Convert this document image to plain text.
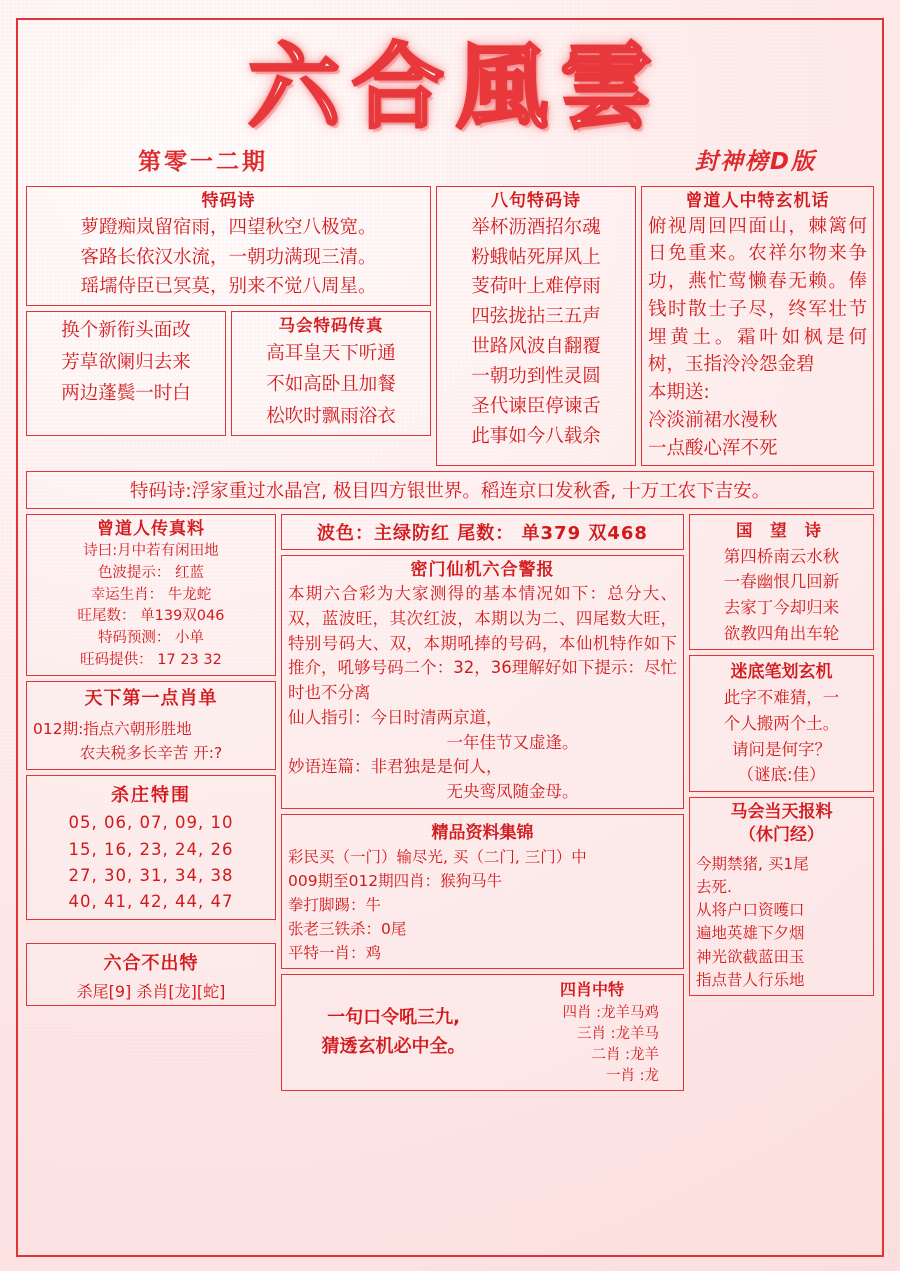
六合風雲
第零一二期	封神榜D版
特码诗
萝蹬痴岚留宿雨，四望秋空八极宽。
客路长依汉水流，一朝功满现三清。
瑶壖侍臣已冥莫，别来不觉八周星。
换个新衔头面改
芳草欲阑归去来
两边蓬鬓一时白
马会特码传真
高耳皇天下听通
不如高卧且加餐
松吹时飘雨浴衣
八句特码诗
举杯沥酒招尔魂
粉蛾帖死屏风上
芰荷叶上难停雨
四弦拢拈三五声
世路风波自翻覆
一朝功到性灵圆
圣代谏臣停谏舌
此事如今八载余
曾道人中特玄机话
俯视周回四面山，棘篱何日免重来。农祥尔物来争功，燕忙莺懒春无赖。俸钱时散士子尽，终军壮节埋黄土。霜叶如枫是何树，玉指泠泠怨金碧
本期送:
冷淡湔裙水漫秋
一点酸心浑不死
特码诗:浮家重过水晶宫, 极目四方银世界。稻连京口发秋香, 十万工农下吉安。
曾道人传真料
诗曰:月中若有闲田地
色波提示： 红蓝
幸运生肖： 牛龙蛇
旺尾数： 单139双046
特码预测： 小单
旺码提供： 17 23 32
天下第一点肖单
012期:指点六朝形胜地
农夫税多长辛苦 开:?
杀庄特围
05, 06, 07, 09, 10
15, 16, 23, 24, 26
27, 30, 31, 34, 38
40, 41, 42, 44, 47
六合不出特
杀尾[9] 杀肖[龙][蛇]
波色：主绿防红 尾数： 单379 双468
密门仙机六合警报
本期六合彩为大家测得的基本情况如下：总分大、双，蓝波旺，其次红波，本期以为二、四尾数大旺，特别号码大、双，本期吼捧的号码，本仙机特作如下推介，吼够号码二个：32，36理解好如下提示：尽忙时也不分离
仙人指引：今日时清两京道，
一年佳节又虚逢。
妙语连篇：非君独是是何人，
无央鸾凤随金母。
精品资料集锦
彩民买（一门）输尽光, 买（二门, 三门）中
009期至012期四肖：猴狗马牛
拳打脚踢：牛
张老三铁杀：0尾
平特一肖：鸡
一句口令吼三九,
猜透玄机必中全。
四肖中特
四肖 :龙羊马鸡
三肖 :龙羊马
二肖 :龙羊
一肖 :龙
国 望 诗
第四桥南云水秋
一春幽恨几回新
去家丁今却归来
欲教四角出车轮
迷底笔划玄机
此字不难猜，一
个人搬两个土。
请问是何字？
（谜底:佳）
马会当天报料
（休门经）
今期禁猪, 买1尾
去死.
从将户口资嚄口
遍地英雄下夕烟
神光欲截蓝田玉
指点昔人行乐地
